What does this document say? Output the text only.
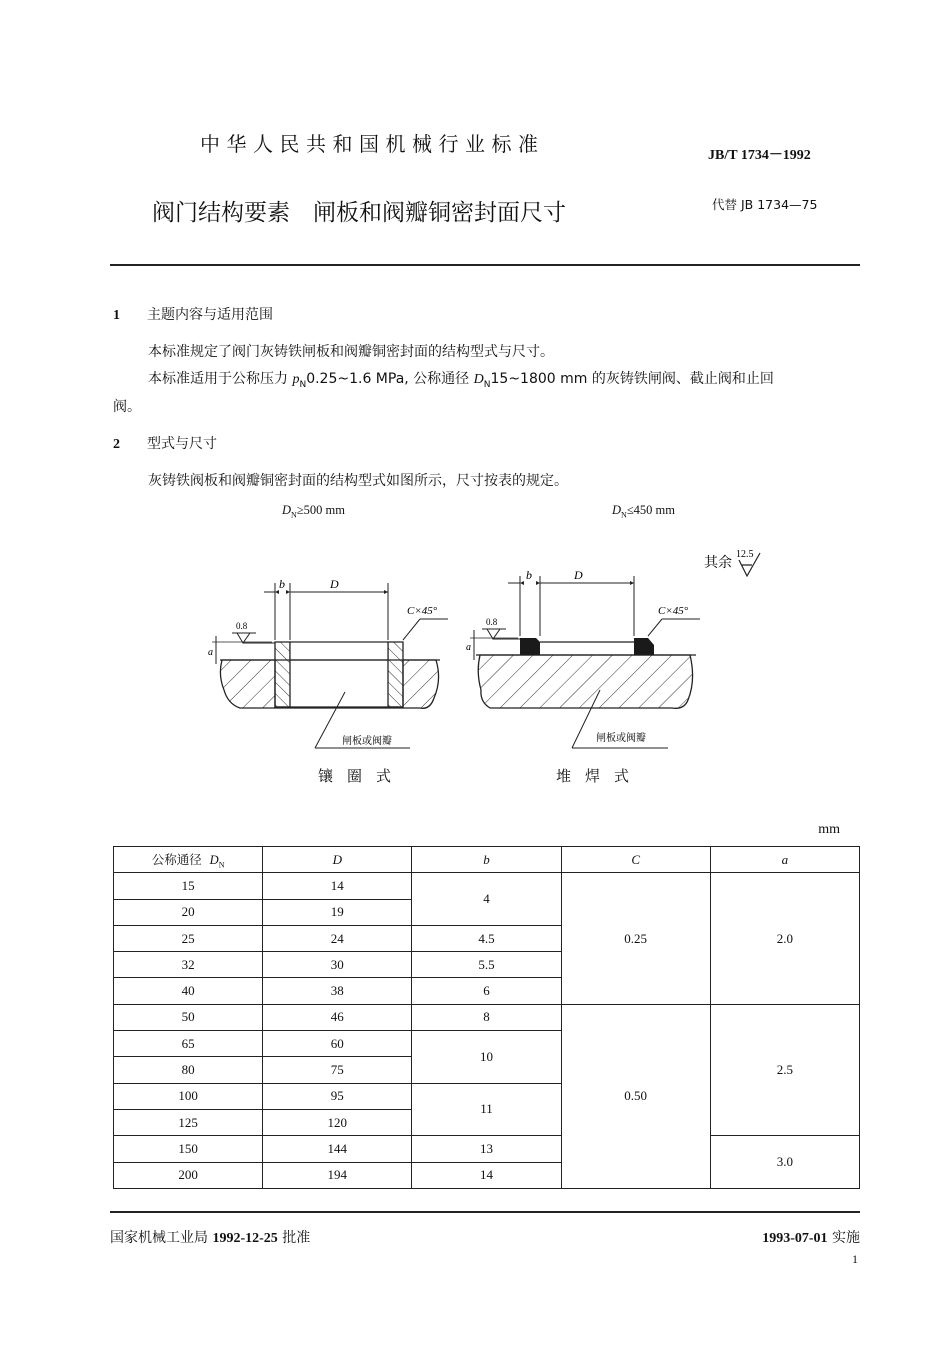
中华人民共和国机械行业标准	JB/T 1734－1992
阀门结构要素　闸板和阀瓣铜密封面尺寸	代替 JB 1734—75
1 主题内容与适用范围
本标准规定了阀门灰铸铁闸板和阀瓣铜密封面的结构型式与尺寸。
本标准适用于公称压力 $p_N0.25\sim 1.6$ MPa, 公称通径 $D_N15\sim 1800$ mm 的灰铸铁闸阀、截止阀和止回
阀。
2 型式与尺寸
灰铸铁阀板和阀瓣铜密封面的结构型式如图所示，尺寸按表的规定。
$D_N\ge 500$ mm	$D_N\le 450$ mm
其余
12.5
b	D
C×45°
0.8
a
闸板或阀瓣
b	D
C×45°
0.8
a
闸板或阀瓣
镶圈式	堆焊式
mm
公称通径 $D_N$	D	b	C	a
15	14	4	0.25	2.0
20	19			
25	24	4.5		
32	30	5.5		
40	38	6		
50	46	8	0.50	2.5
65	60	10		
80	75			
100	95	11		
125	120			
150	144	13		3.0
200	194	14		
国家机械工业局 1992-12-25 批准	1993-07-01 实施
1
